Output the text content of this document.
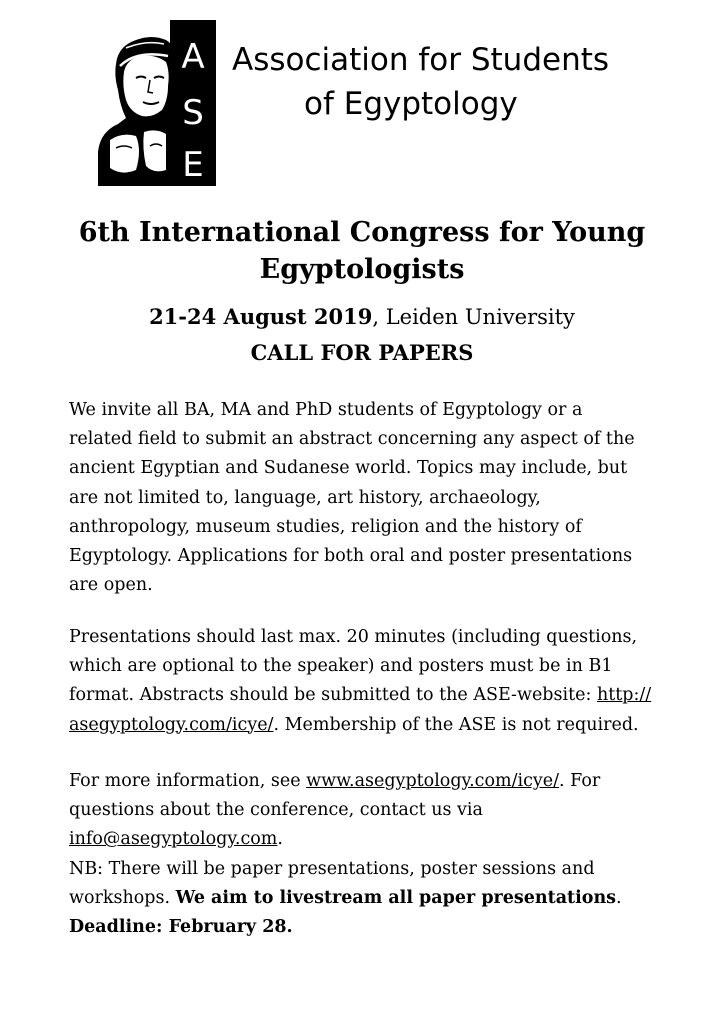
A
S
E
Association for Students
of Egyptology
6th International Congress for Young
Egyptologists
21-24 August 2019, Leiden University
CALL FOR PAPERS
We invite all BA, MA and PhD students of Egyptology or a
related field to submit an abstract concerning any aspect of the
ancient Egyptian and Sudanese world. Topics may include, but
are not limited to, language, art history, archaeology,
anthropology, museum studies, religion and the history of
Egyptology. Applications for both oral and poster presentations
are open.
Presentations should last max. 20 minutes (including questions,
which are optional to the speaker) and posters must be in B1
format. Abstracts should be submitted to the ASE-website: http://
asegyptology.com/icye/. Membership of the ASE is not required.
For more information, see www.asegyptology.com/icye/. For
questions about the conference, contact us via
info@asegyptology.com.
NB: There will be paper presentations, poster sessions and
workshops. We aim to livestream all paper presentations.
Deadline: February 28.
